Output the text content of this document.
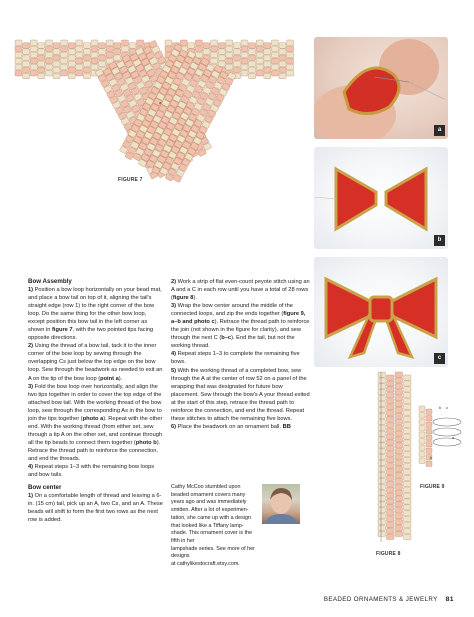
FIGURE 7
a
a
b
c
FIGURE 8
FIGURE 9
b c
a
b
Bow Assembly

1) Position a bow loop horizontally on your bead mat, and place a bow tail on top of it, aligning the tail's straight edge (row 1) to the right corner of the bow loop. Do the same thing for the other bow loop, except position this bow tail in the left corner as shown in figure 7, with the two pointed tips facing opposite directions.

2) Using the thread of a bow tail, tack it to the inner corner of the bow loop by sewing through the overlapping Cs just below the top edge on the bow loop. Sew through the beadwork as needed to exit an A on the tip of the bow loop (point a).

3) Fold the bow loop over horizontally, and align the two tips together in order to cover the top edge of the attached bow tail. With the working thread of the bow loop, sew through the corresponding As in the bow to join the tips together (photo a). Repeat with the other end. With the working thread (from either set, sew through a tip A on the other set, and continue through all the tip beads to connect them together (photo b). Retrace the thread path to reinforce the connection, and end the threads.

4) Repeat steps 1–3 with the remaining bow loops and bow tails.

Bow center

1) On a comfortable length of thread and leaving a 6-in. (15 cm) tail, pick up an A, two Cs, and an A. These beads will shift to form the first two rows as the next row is added.

2) Work a strip of flat even-count peyote stitch using an A and a C in each row until you have a total of 28 rows (figure 8).

3) Wrap the bow center around the middle of the connected loops, and zip the ends together (figure 9, a–b and photo c). Retrace the thread path to reinforce the join (not shown in the figure for clarity), and sew through the next C (b–c). End the tail, but not the working thread.

4) Repeat steps 1–3 to complete the remaining five bows.

5) With the working thread of a completed bow, sew through the A at the center of row 52 on a panel of the wrapping that was designated for future bow placement. Sew through the bow's A your thread exited at the start of this step, retrace the thread path to reinforce the connection, and end the thread. Repeat these stitches to attach the remaining five bows.

6) Place the beadwork on an ornament ball. BB

Cathy McCoo stumbled upon
beaded ornament covers many
years ago and was immediately
smitten. After a lot of experimen-
tation, she came up with a design
that looked like a Tiffany lamp-
shade. This ornament cover is the fifth in her
lampshade series. See more of her designs
at cathylikestocraft.etsy.com.
BEADED ORNAMENTS & JEWELRY 81
